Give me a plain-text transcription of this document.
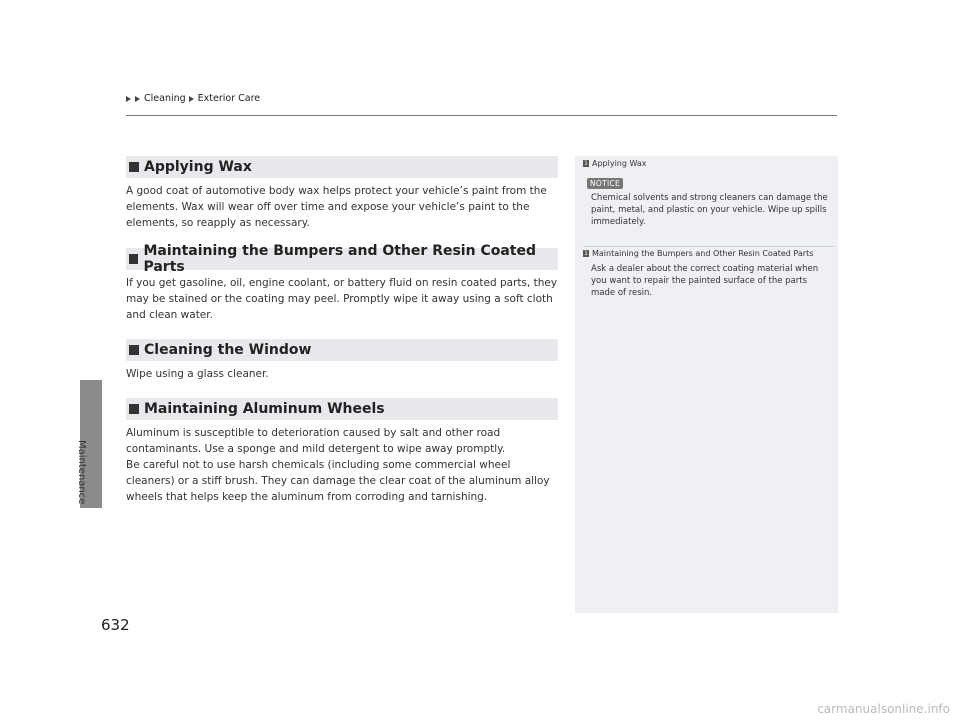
Cleaning Exterior Care
Maintenance
Applying Wax

A good coat of automotive body wax helps protect your vehicle’s paint from the elements. Wax will wear off over time and expose your vehicle’s paint to the elements, so reapply as necessary.

Maintaining the Bumpers and Other Resin Coated Parts

If you get gasoline, oil, engine coolant, or battery fluid on resin coated parts, they may be stained or the coating may peel. Promptly wipe it away using a soft cloth and clean water.

Cleaning the Window

Wipe using a glass cleaner.

Maintaining Aluminum Wheels

Aluminum is susceptible to deterioration caused by salt and other road contaminants. Use a sponge and mild detergent to wipe away promptly.

Be careful not to use harsh chemicals (including some commercial wheel cleaners) or a stiff brush. They can damage the clear coat of the aluminum alloy wheels that helps keep the aluminum from corroding and tarnishing.

1 Applying Wax
NOTICE

Chemical solvents and strong cleaners can damage the paint, metal, and plastic on your vehicle. Wipe up spills immediately.

1 Maintaining the Bumpers and Other Resin Coated Parts

Ask a dealer about the correct coating material when you want to repair the painted surface of the parts made of resin.

632
carmanualsonline.info
